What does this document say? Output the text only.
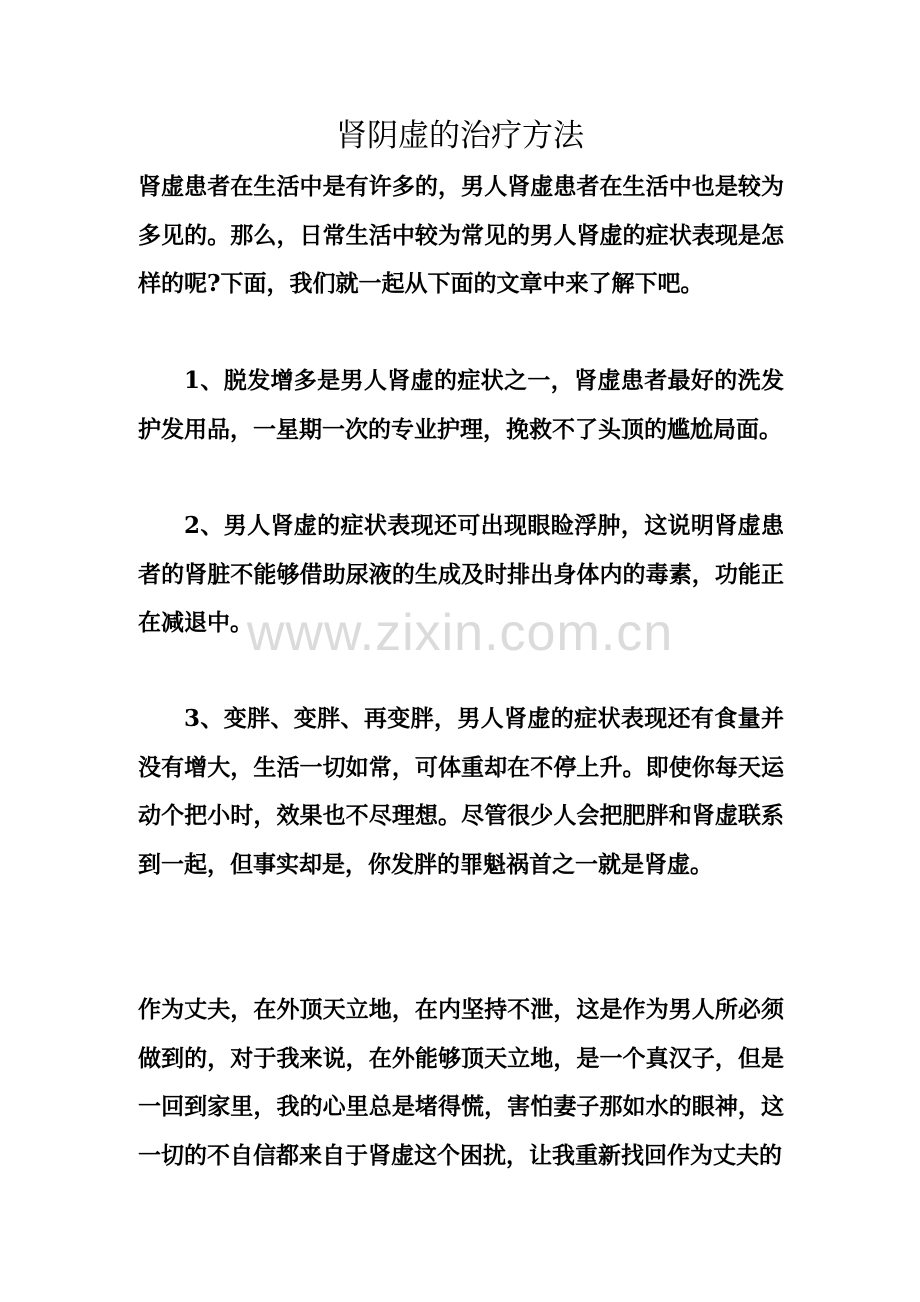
肾阴虚的治疗方法

肾虚患者在生活中是有许多的，男人肾虚患者在生活中也是较为多见的。那么，日常生活中较为常见的男人肾虚的症状表现是怎样的呢?下面，我们就一起从下面的文章中来了解下吧。

1、脱发增多是男人肾虚的症状之一，肾虚患者最好的洗发护发用品，一星期一次的专业护理，挽救不了头顶的尴尬局面。

2、男人肾虚的症状表现还可出现眼睑浮肿，这说明肾虚患者的肾脏不能够借助尿液的生成及时排出身体内的毒素，功能正在减退中。

3、变胖、变胖、再变胖，男人肾虚的症状表现还有食量并没有增大，生活一切如常，可体重却在不停上升。即使你每天运动个把小时，效果也不尽理想。尽管很少人会把肥胖和肾虚联系到一起，但事实却是，你发胖的罪魁祸首之一就是肾虚。

作为丈夫，在外顶天立地，在内坚持不泄，这是作为男人所必须做到的，对于我来说，在外能够顶天立地，是一个真汉子，但是一回到家里，我的心里总是堵得慌，害怕妻子那如水的眼神，这一切的不自信都来自于肾虚这个困扰，让我重新找回作为丈夫的

www.zixin.com.cn
